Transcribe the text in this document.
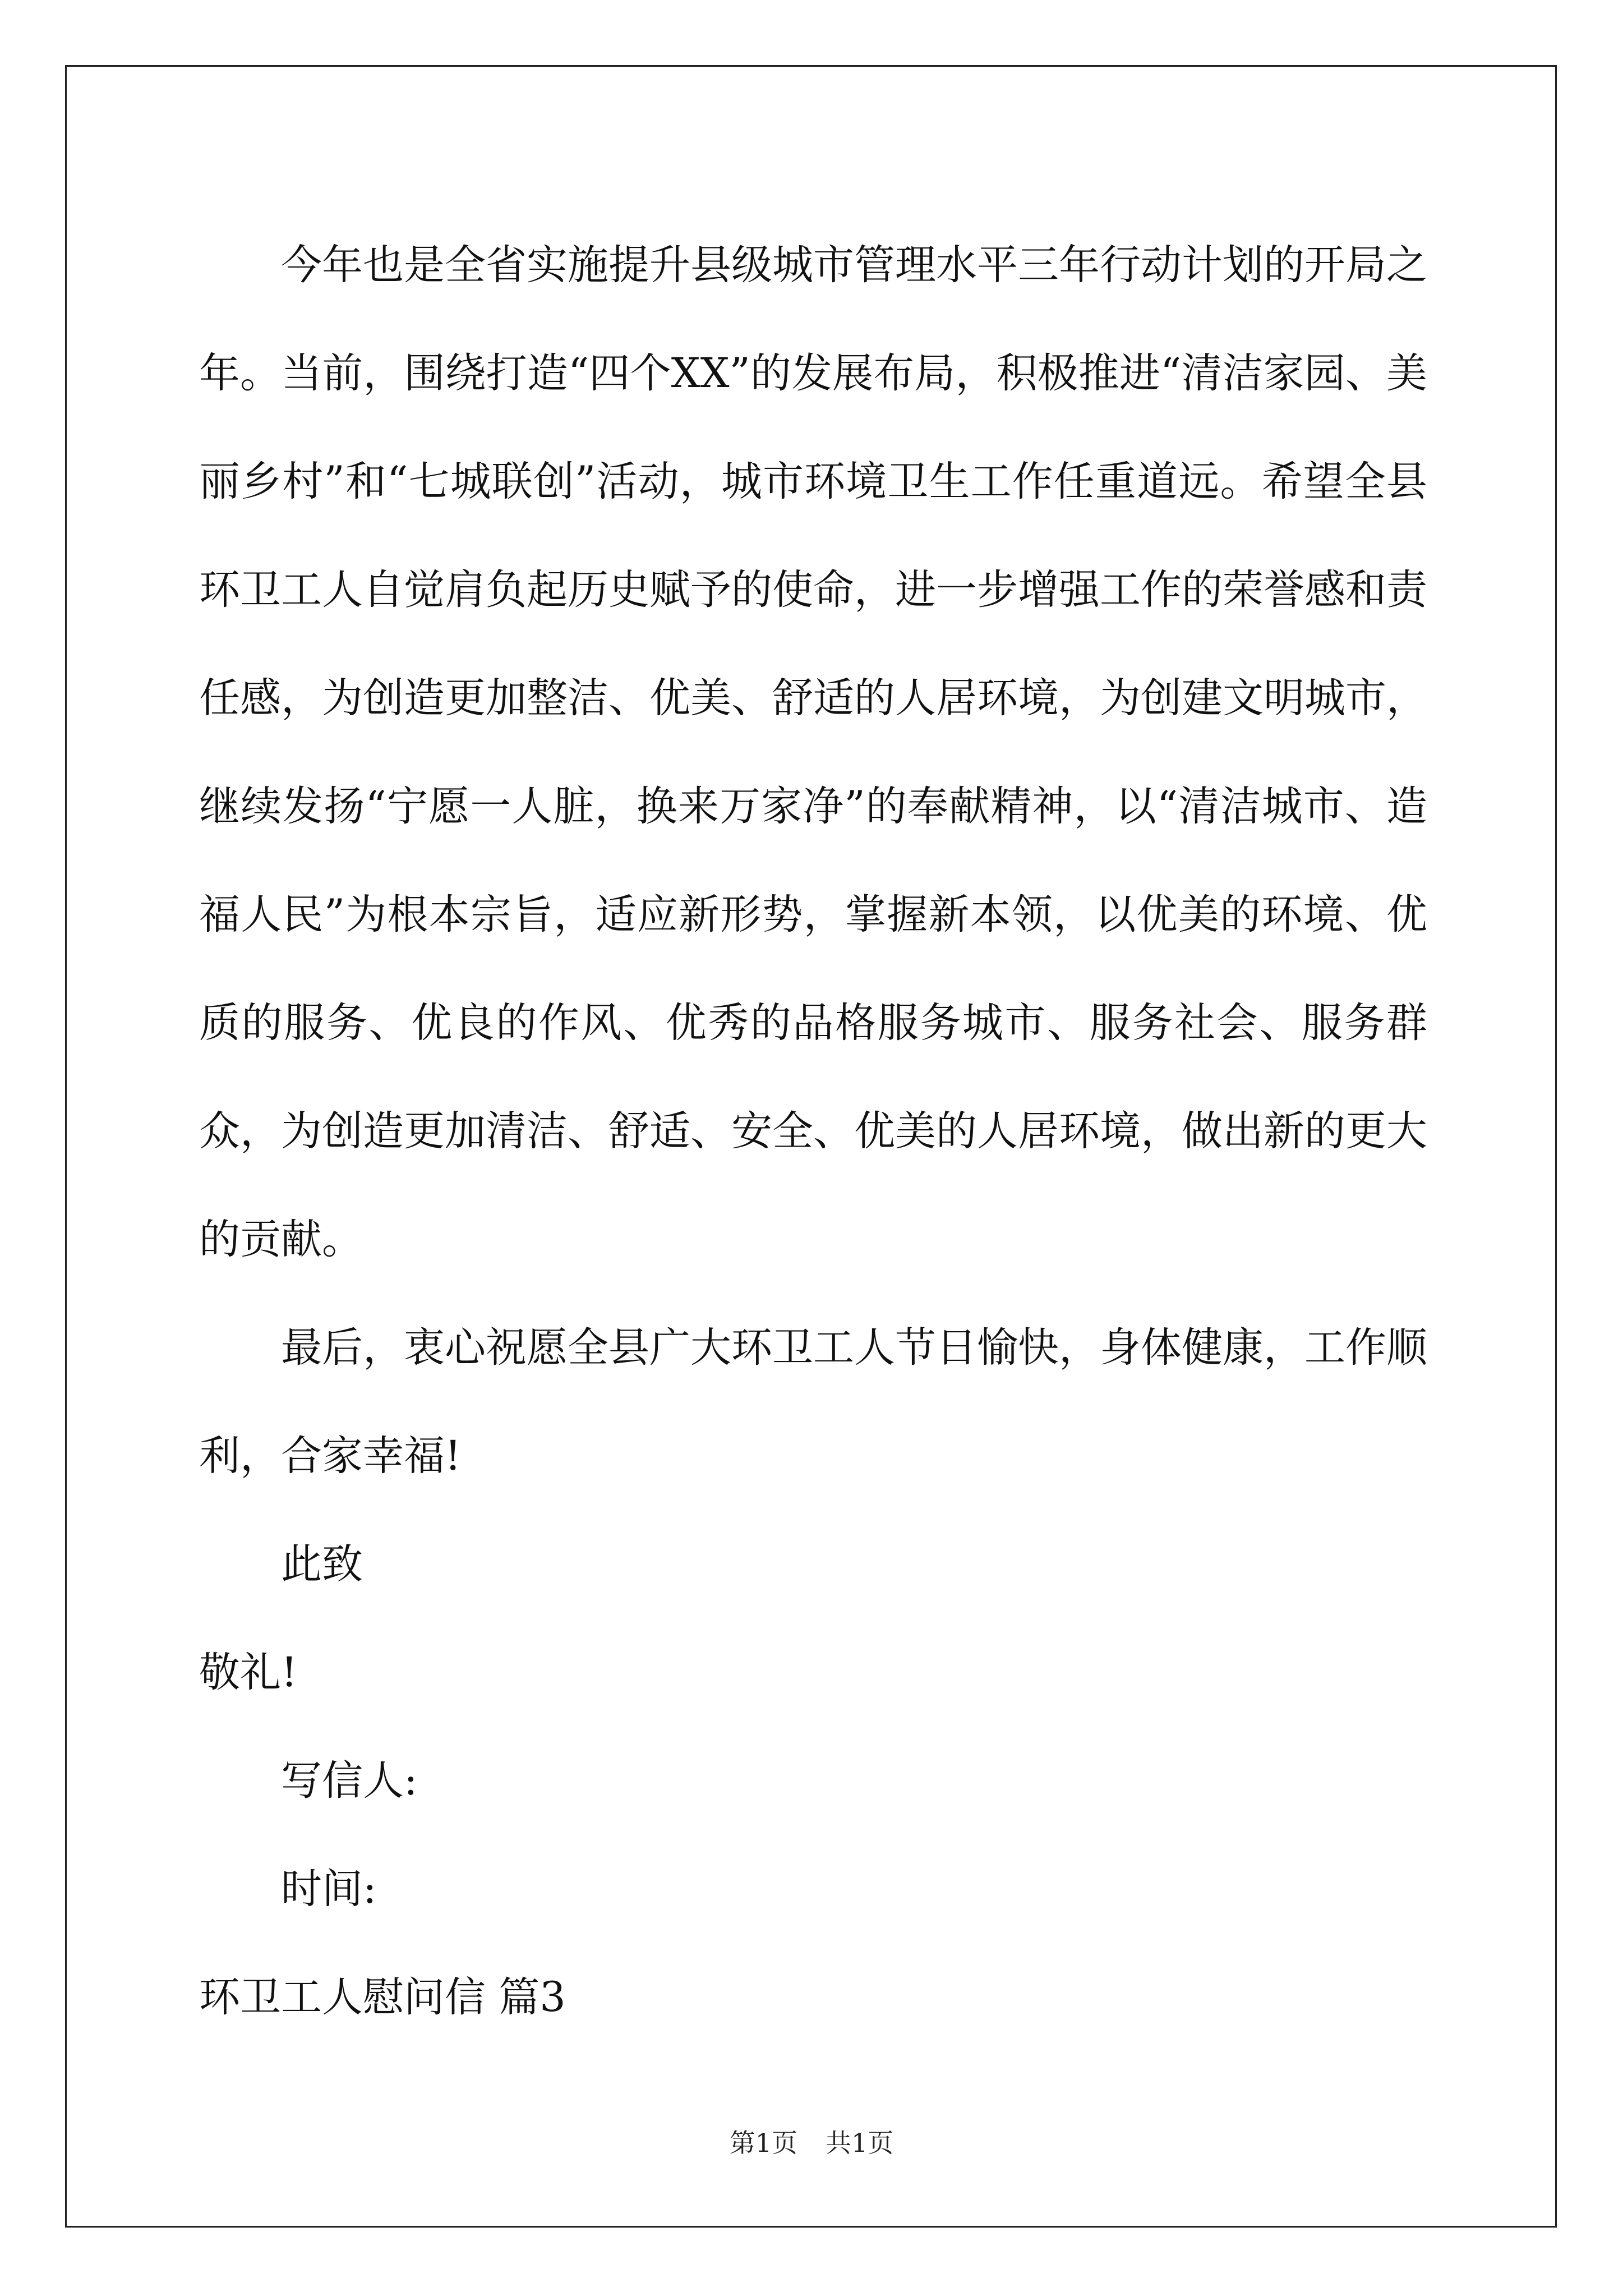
今年也是全省实施提升县级城市管理水平三年行动计划的开局之年。当前，围绕打造“四个XX”的发展布局，积极推进“清洁家园、美丽乡村”和“七城联创”活动，城市环境卫生工作任重道远。希望全县环卫工人自觉肩负起历史赋予的使命，进一步增强工作的荣誉感和责任感，为创造更加整洁、优美、舒适的人居环境，为创建文明城市，继续发扬“宁愿一人脏，换来万家净”的奉献精神，以“清洁城市、造福人民”为根本宗旨，适应新形势，掌握新本领，以优美的环境、优质的服务、优良的作风、优秀的品格服务城市、服务社会、服务群众，为创造更加清洁、舒适、安全、优美的人居环境，做出新的更大的贡献。

最后，衷心祝愿全县广大环卫工人节日愉快，身体健康，工作顺利，合家幸福!

此致

敬礼!

写信人:

时间:

环卫工人慰问信 篇3

第1页 共1页
